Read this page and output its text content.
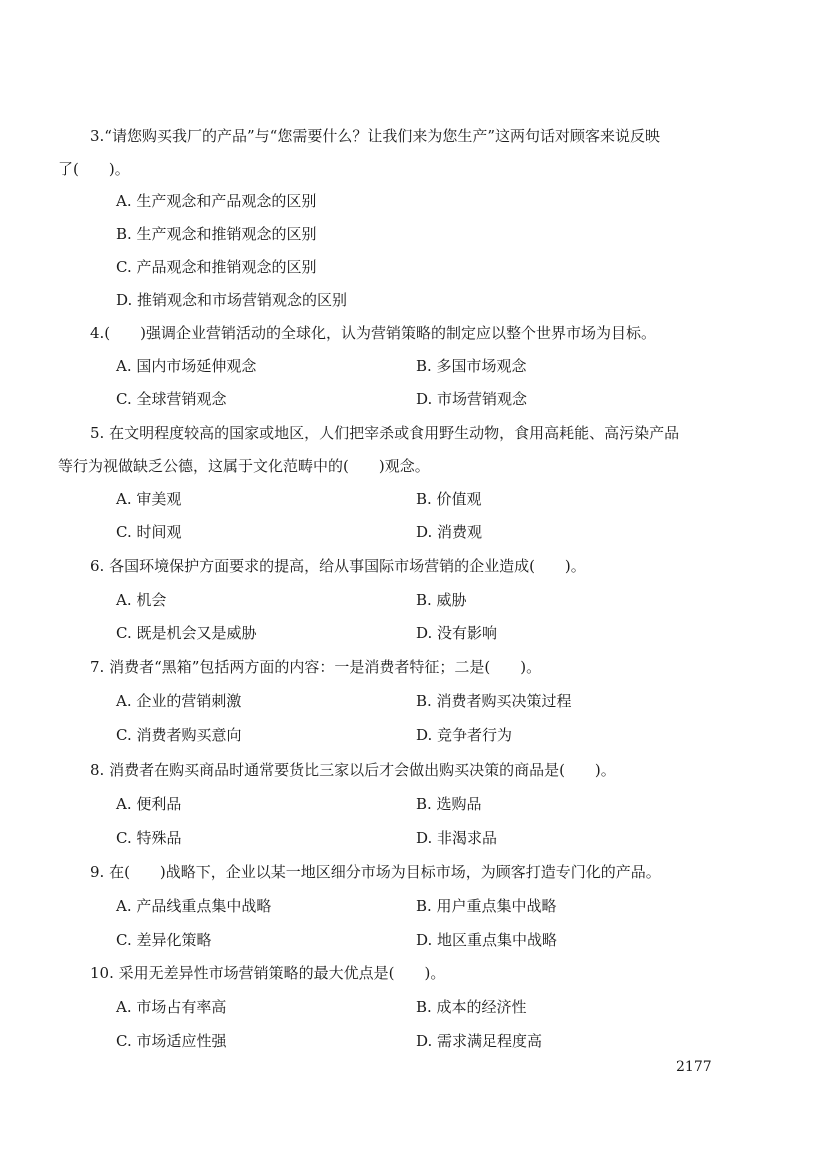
3.“请您购买我厂的产品”与“您需要什么？让我们来为您生产”这两句话对顾客来说反映
了(　　)。
A. 生产观念和产品观念的区别
B. 生产观念和推销观念的区别
C. 产品观念和推销观念的区别
D. 推销观念和市场营销观念的区别
4.(　　)强调企业营销活动的全球化，认为营销策略的制定应以整个世界市场为目标。
A. 国内市场延伸观念	B. 多国市场观念
C. 全球营销观念	D. 市场营销观念
5. 在文明程度较高的国家或地区，人们把宰杀或食用野生动物，食用高耗能、高污染产品
等行为视做缺乏公德，这属于文化范畴中的(　　)观念。
A. 审美观	B. 价值观
C. 时间观	D. 消费观
6. 各国环境保护方面要求的提高，给从事国际市场营销的企业造成(　　)。
A. 机会	B. 威胁
C. 既是机会又是威胁	D. 没有影响
7. 消费者“黑箱”包括两方面的内容：一是消费者特征；二是(　　)。
A. 企业的营销刺激	B. 消费者购买决策过程
C. 消费者购买意向	D. 竞争者行为
8. 消费者在购买商品时通常要货比三家以后才会做出购买决策的商品是(　　)。
A. 便利品	B. 选购品
C. 特殊品	D. 非渴求品
9. 在(　　)战略下，企业以某一地区细分市场为目标市场，为顾客打造专门化的产品。
A. 产品线重点集中战略	B. 用户重点集中战略
C. 差异化策略	D. 地区重点集中战略
10. 采用无差异性市场营销策略的最大优点是(　　)。
A. 市场占有率高	B. 成本的经济性
C. 市场适应性强	D. 需求满足程度高
2177
